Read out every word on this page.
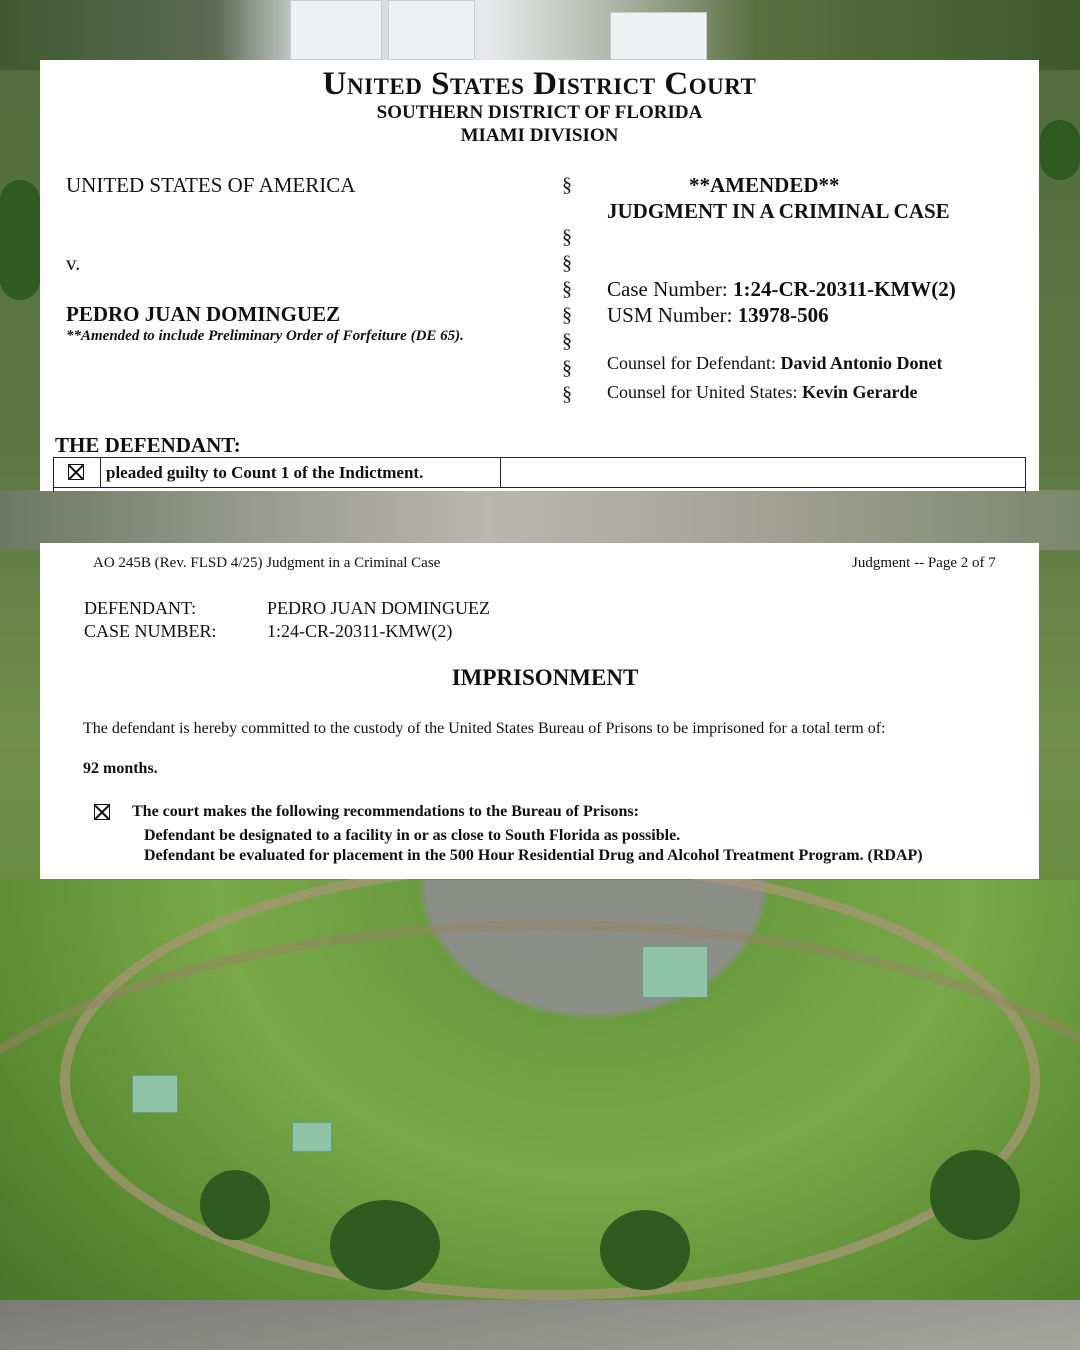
United States District Court
SOUTHERN DISTRICT OF FLORIDA
MIAMI DIVISION
UNITED STATES OF AMERICA
v.
PEDRO JUAN DOMINGUEZ
**Amended to include Preliminary Order of Forfeiture (DE 65).
§
§
§
§
§
§
§
§
**AMENDED**
JUDGMENT IN A CRIMINAL CASE
Case Number: 1:24-CR-20311-KMW(2)
USM Number: 13978-506
Counsel for Defendant: David Antonio Donet
Counsel for United States: Kevin Gerarde
THE DEFENDANT:
pleaded guilty to Count 1 of the Indictment.
AO 245B (Rev. FLSD 4/25) Judgment in a Criminal Case	Judgment -- Page 2 of 7
DEFENDANT:	PEDRO JUAN DOMINGUEZ
CASE NUMBER:	1:24-CR-20311-KMW(2)
IMPRISONMENT
The defendant is hereby committed to the custody of the United States Bureau of Prisons to be imprisoned for a total term of:
92 months.
The court makes the following recommendations to the Bureau of Prisons:
Defendant be designated to a facility in or as close to South Florida as possible.
Defendant be evaluated for placement in the 500 Hour Residential Drug and Alcohol Treatment Program. (RDAP)
